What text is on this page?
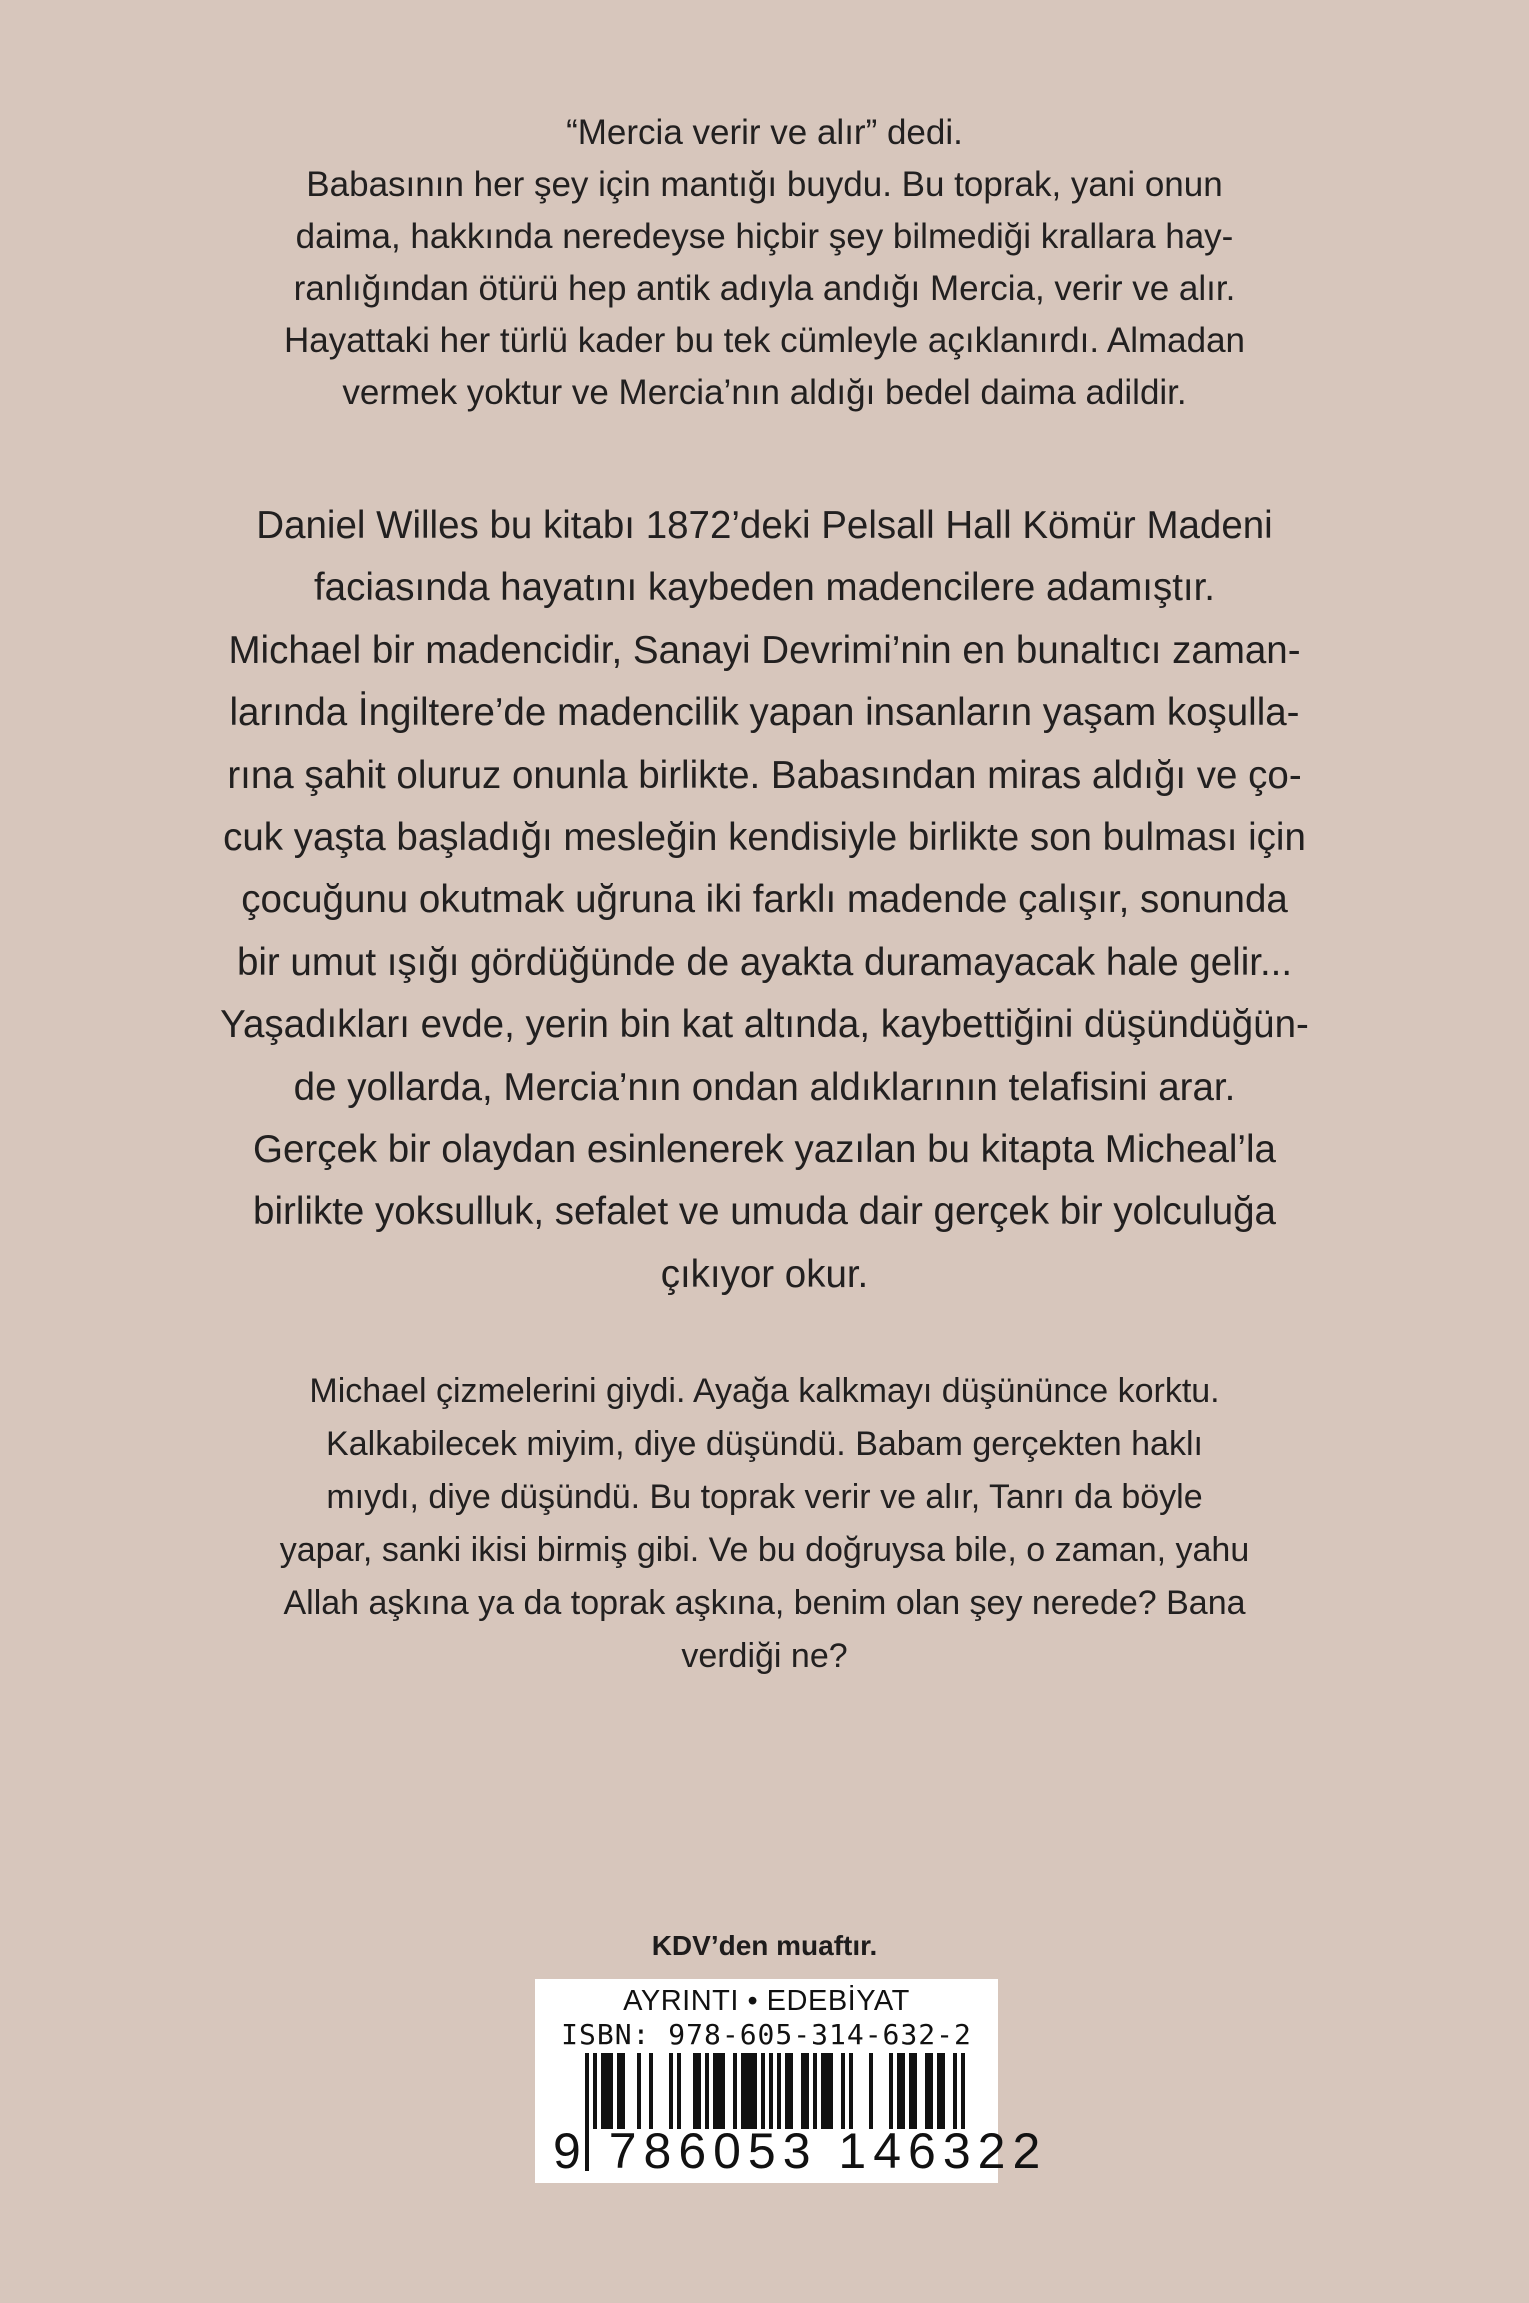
“Mercia verir ve alır” dedi.
Babasının her şey için mantığı buydu. Bu toprak, yani onun
daima, hakkında neredeyse hiçbir şey bilmediği krallara hay-
ranlığından ötürü hep antik adıyla andığı Mercia, verir ve alır.
Hayattaki her türlü kader bu tek cümleyle açıklanırdı. Almadan
vermek yoktur ve Mercia’nın aldığı bedel daima adildir.
Daniel Willes bu kitabı 1872’deki Pelsall Hall Kömür Madeni
faciasında hayatını kaybeden madencilere adamıştır.
Michael bir madencidir, Sanayi Devrimi’nin en bunaltıcı zaman-
larında İngiltere’de madencilik yapan insanların yaşam koşulla-
rına şahit oluruz onunla birlikte. Babasından miras aldığı ve ço-
cuk yaşta başladığı mesleğin kendisiyle birlikte son bulması için
çocuğunu okutmak uğruna iki farklı madende çalışır, sonunda
bir umut ışığı gördüğünde de ayakta duramayacak hale gelir...
Yaşadıkları evde, yerin bin kat altında, kaybettiğini düşündüğün-
de yollarda, Mercia’nın ondan aldıklarının telafisini arar.
Gerçek bir olaydan esinlenerek yazılan bu kitapta Micheal’la
birlikte yoksulluk, sefalet ve umuda dair gerçek bir yolculuğa
çıkıyor okur.
Michael çizmelerini giydi. Ayağa kalkmayı düşününce korktu.
Kalkabilecek miyim, diye düşündü. Babam gerçekten haklı
mıydı, diye düşündü. Bu toprak verir ve alır, Tanrı da böyle
yapar, sanki ikisi birmiş gibi. Ve bu doğruysa bile, o zaman, yahu
Allah aşkına ya da toprak aşkına, benim olan şey nerede? Bana
verdiği ne?
KDV’den muaftır.
AYRINTI • EDEBİYAT
ISBN: 978-605-314-632-2
9 786053 146322
